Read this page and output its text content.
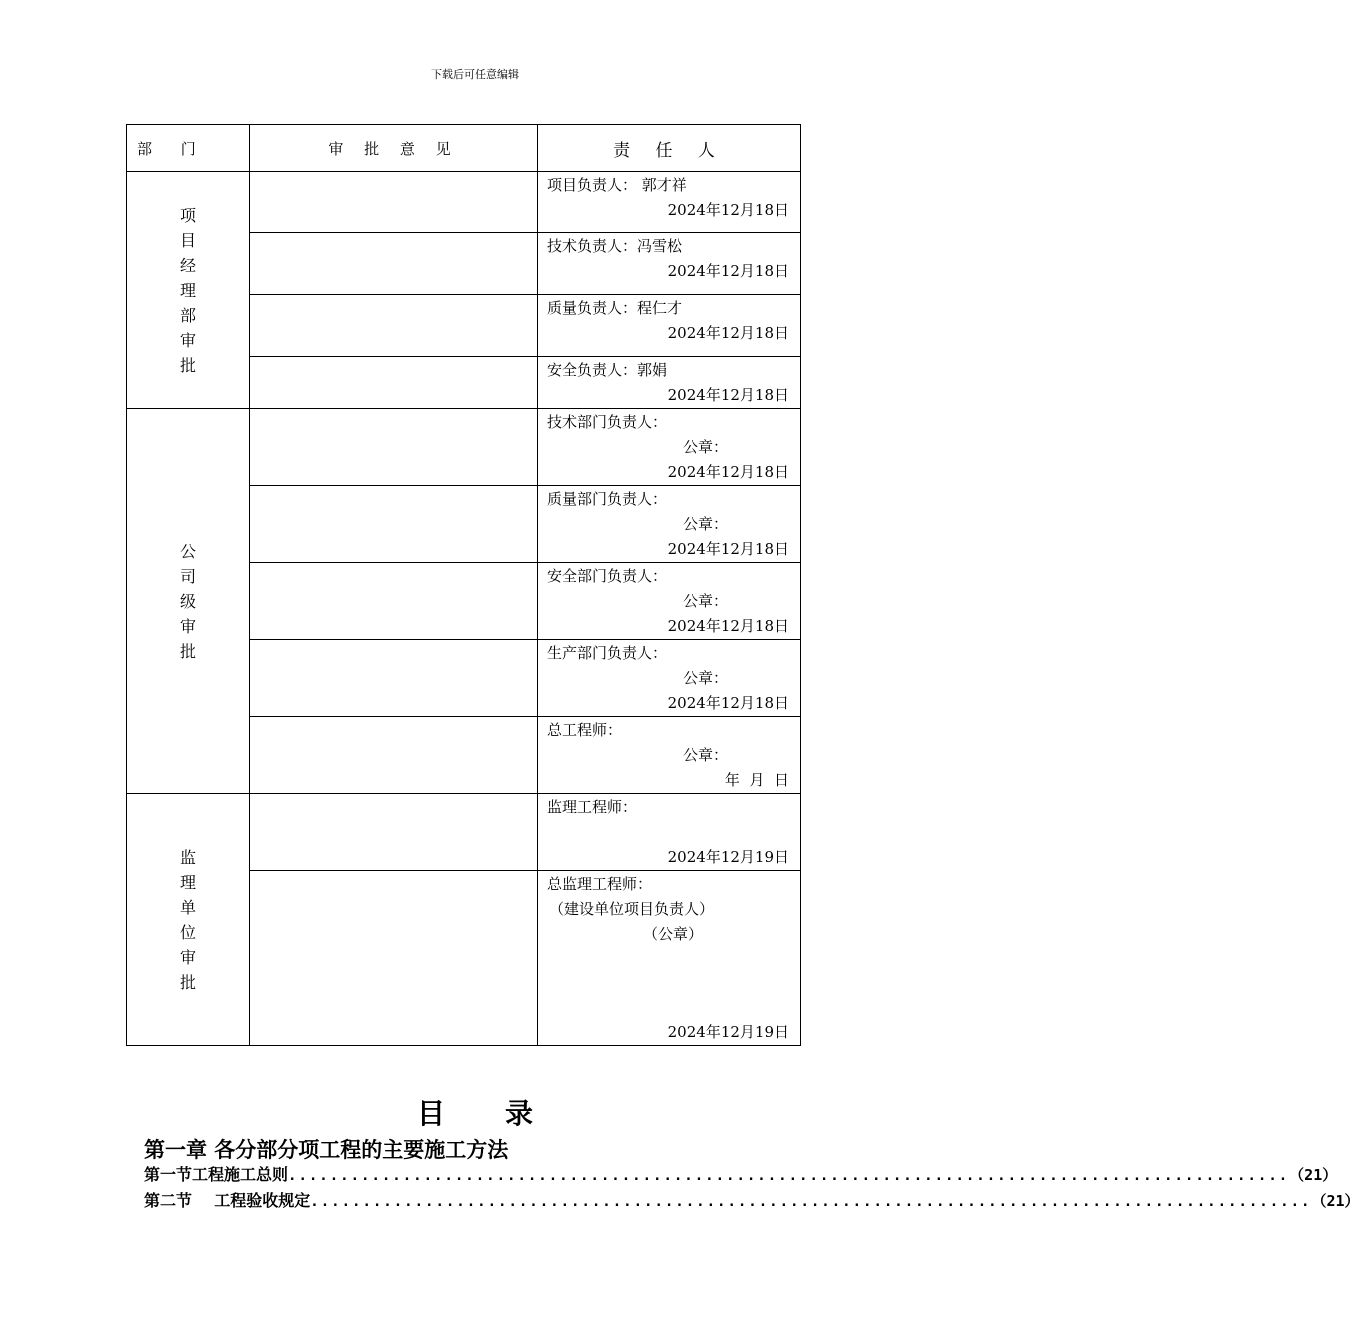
下载后可任意编辑
部 门	审 批 意 见	责 任 人
项目经理部审批		项目负责人： 郭才祥
2024年12月18日

		技术负责人：冯雪松
2024年12月18日

		质量负责人：程仁才
2024年12月18日

		安全负责人：郭娟
2024年12月18日

公司级审批		技术部门负责人：
公章：
2024年12月18日

		质量部门负责人：
公章：
2024年12月18日

		安全部门负责人：
公章：
2024年12月18日

		生产部门负责人：
公章：
2024年12月18日

		总工程师：
公章：
年  月  日

监理单位审批		监理工程师：
2024年12月19日

		总监理工程师：
（建设单位项目负责人）
（公章）
2024年12月19日
目录
第一章 各分部分项工程的主要施工方法
第一节工程施工总则 ................................................................................................ （21）
第二节    工程验收规定 ................................................................................................ （21）
